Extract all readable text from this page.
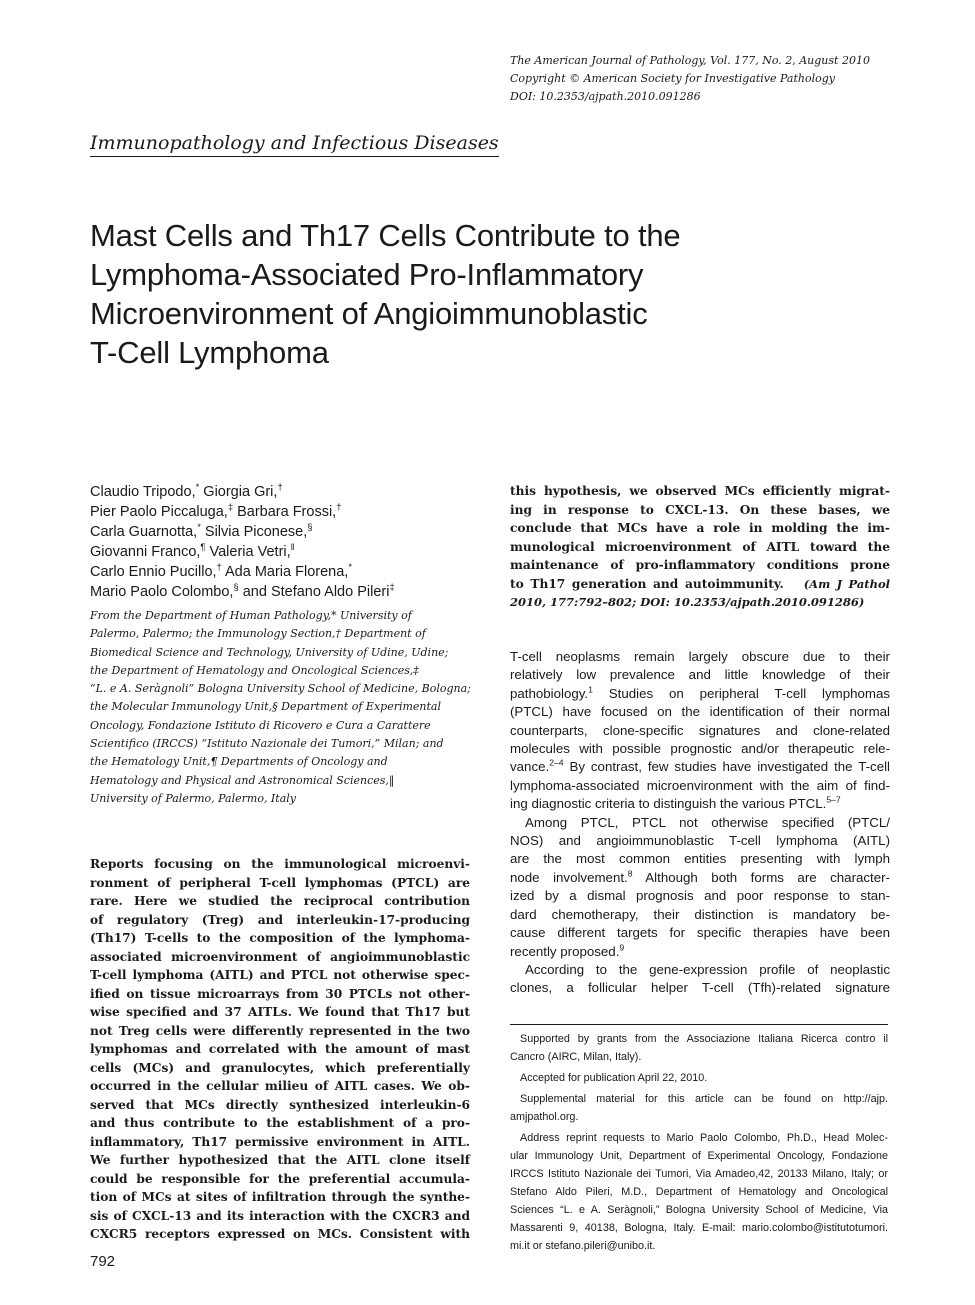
The American Journal of Pathology, Vol. 177, No. 2, August 2010
Copyright © American Society for Investigative Pathology
DOI: 10.2353/ajpath.2010.091286
Immunopathology and Infectious Diseases
Mast Cells and Th17 Cells Contribute to the
Lymphoma-Associated Pro-Inflammatory
Microenvironment of Angioimmunoblastic
T-Cell Lymphoma
Claudio Tripodo,* Giorgia Gri,†
Pier Paolo Piccaluga,‡ Barbara Frossi,†
Carla Guarnotta,* Silvia Piconese,§
Giovanni Franco,¶ Valeria Vetri,‖
Carlo Ennio Pucillo,† Ada Maria Florena,*
Mario Paolo Colombo,§ and Stefano Aldo Pileri‡
From the Department of Human Pathology,* University of
Palermo, Palermo; the Immunology Section,† Department of
Biomedical Science and Technology, University of Udine, Udine;
the Department of Hematology and Oncological Sciences,‡
“L. e A. Seràgnoli” Bologna University School of Medicine, Bologna;
the Molecular Immunology Unit,§ Department of Experimental
Oncology, Fondazione Istituto di Ricovero e Cura a Carattere
Scientifico (IRCCS) “Istituto Nazionale dei Tumori,” Milan; and
the Hematology Unit,¶ Departments of Oncology and
Hematology and Physical and Astronomical Sciences,‖
University of Palermo, Palermo, Italy
Reports focusing on the immunological microenvi-
ronment of peripheral T-cell lymphomas (PTCL) are
rare. Here we studied the reciprocal contribution
of regulatory (Treg) and interleukin-17-producing
(Th17) T-cells to the composition of the lymphoma-
associated microenvironment of angioimmunoblastic
T-cell lymphoma (AITL) and PTCL not otherwise spec-
ified on tissue microarrays from 30 PTCLs not other-
wise specified and 37 AITLs. We found that Th17 but
not Treg cells were differently represented in the two
lymphomas and correlated with the amount of mast
cells (MCs) and granulocytes, which preferentially
occurred in the cellular milieu of AITL cases. We ob-
served that MCs directly synthesized interleukin-6
and thus contribute to the establishment of a pro-
inflammatory, Th17 permissive environment in AITL.
We further hypothesized that the AITL clone itself
could be responsible for the preferential accumula-
tion of MCs at sites of infiltration through the synthe-
sis of CXCL-13 and its interaction with the CXCR3 and
CXCR5 receptors expressed on MCs. Consistent with
this hypothesis, we observed MCs efficiently migrat-
ing in response to CXCL-13. On these bases, we
conclude that MCs have a role in molding the im-
munological microenvironment of AITL toward the
maintenance of pro-inflammatory conditions prone
to Th17 generation and autoimmunity. (Am J Pathol
2010, 177:792–802; DOI: 10.2353/ajpath.2010.091286)
T-cell neoplasms remain largely obscure due to their
relatively low prevalence and little knowledge of their
pathobiology.$^1$ Studies on peripheral T-cell lymphomas
(PTCL) have focused on the identification of their normal
counterparts, clone-specific signatures and clone-related
molecules with possible prognostic and/or therapeutic rele-
vance.$^{2-4}$ By contrast, few studies have investigated the T-cell
lymphoma-associated microenvironment with the aim of find-
ing diagnostic criteria to distinguish the various PTCL.$^{5-7}$
Among PTCL, PTCL not otherwise specified (PTCL/
NOS) and angioimmunoblastic T-cell lymphoma (AITL)
are the most common entities presenting with lymph
node involvement.$^8$ Although both forms are character-
ized by a dismal prognosis and poor response to stan-
dard chemotherapy, their distinction is mandatory be-
cause different targets for specific therapies have been
recently proposed.$^9$
According to the gene-expression profile of neoplastic
clones, a follicular helper T-cell (Tfh)-related signature
Supported by grants from the Associazione Italiana Ricerca contro il
Cancro (AIRC, Milan, Italy).
Accepted for publication April 22, 2010.
Supplemental material for this article can be found on http://ajp.
amjpathol.org.
Address reprint requests to Mario Paolo Colombo, Ph.D., Head Molec-
ular Immunology Unit, Department of Experimental Oncology, Fondazione
IRCCS Istituto Nazionale dei Tumori, Via Amadeo,42, 20133 Milano, Italy; or
Stefano Aldo Pileri, M.D., Department of Hematology and Oncological
Sciences “L. e A. Seràgnoli,” Bologna University School of Medicine, Via
Massarenti 9, 40138, Bologna, Italy. E-mail: mario.colombo@istitutotumori.
mi.it or stefano.pileri@unibo.it.
792
